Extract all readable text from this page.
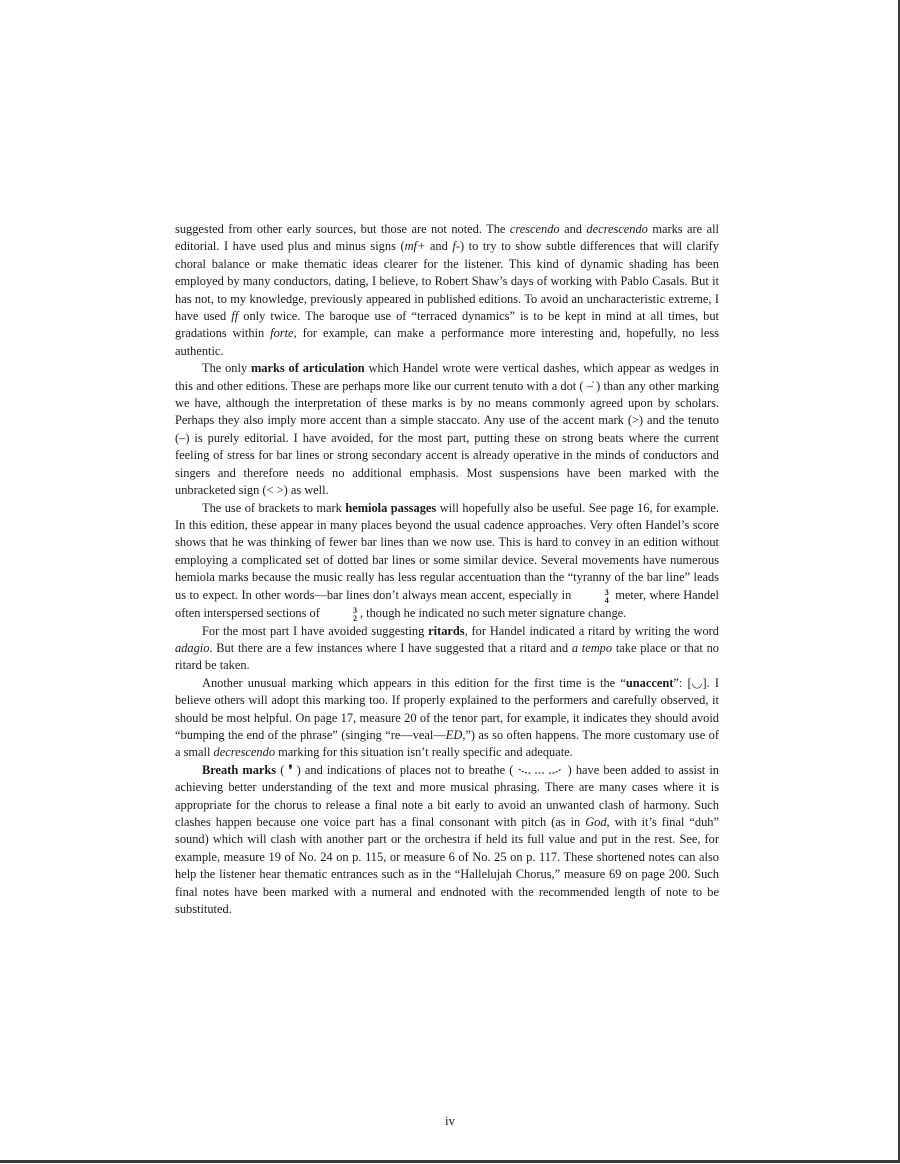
suggested from other early sources, but those are not noted. The crescendo and decrescendo marks are all editorial. I have used plus and minus signs (mf+ and f-) to try to show subtle differences that will clarify choral balance or make thematic ideas clearer for the listener. This kind of dynamic shading has been employed by many conductors, dating, I believe, to Robert Shaw’s days of working with Pablo Casals. But it has not, to my knowledge, previously appeared in published editions. To avoid an uncharacteristic extreme, I have used ff only twice. The baroque use of “terraced dynamics” is to be kept in mind at all times, but gradations within forte, for example, can make a performance more interesting and, hopefully, no less authentic.

The only marks of articulation which Handel wrote were vertical dashes, which appear as wedges in this and other editions. These are perhaps more like our current tenuto with a dot ( –̇ ) than any other marking we have, although the interpretation of these marks is by no means commonly agreed upon by scholars. Perhaps they also imply more accent than a simple staccato. Any use of the accent mark (>) and the tenuto (–) is purely editorial. I have avoided, for the most part, putting these on strong beats where the current feeling of stress for bar lines or strong secondary accent is already operative in the minds of conductors and singers and therefore needs no additional emphasis. Most suspensions have been marked with the unbracketed sign (< >) as well.

The use of brackets to mark hemiola passages will hopefully also be useful. See page 16, for example. In this edition, these appear in many places beyond the usual cadence approaches. Very often Handel’s score shows that he was thinking of fewer bar lines than we now use. This is hard to convey in an edition without employing a complicated set of dotted bar lines or some similar device. Several movements have numerous hemiola marks because the music really has less regular accentuation than the “tyranny of the bar line” leads us to expect. In other words—bar lines don’t always mean accent, especially in	3
4 meter, where Handel often interspersed sections of	3
2 , though he indicated no such meter signature change.

For the most part I have avoided suggesting ritards, for Handel indicated a ritard by writing the word adagio. But there are a few instances where I have suggested that a ritard and a tempo take place or that no ritard be taken.

Another unusual marking which appears in this edition for the first time is the “unaccent”: [◡]. I believe others will adopt this marking too. If properly explained to the performers and carefully observed, it should be most helpful. On page 17, measure 20 of the tenor part, for example, it indicates they should avoid “bumping the end of the phrase” (singing “re—veal—ED,”) as so often happens. The more customary use of a small decrescendo marking for this situation isn’t really specific and adequate.

Breath marks ( ❜ ) and indications of places not to breathe (	) have been added to assist in achieving better understanding of the text and more musical phrasing. There are many cases where it is appropriate for the chorus to release a final note a bit early to avoid an unwanted clash of harmony. Such clashes happen because one voice part has a final consonant with pitch (as in God, with it’s final “duh” sound) which will clash with another part or the orchestra if held its full value and put in the rest. See, for example, measure 19 of No. 24 on p. 115, or measure 6 of No. 25 on p. 117. These shortened notes can also help the listener hear thematic entrances such as in the “Hallelujah Chorus,” measure 69 on page 200. Such final notes have been marked with a numeral and endnoted with the recommended length of note to be substituted.

iv
